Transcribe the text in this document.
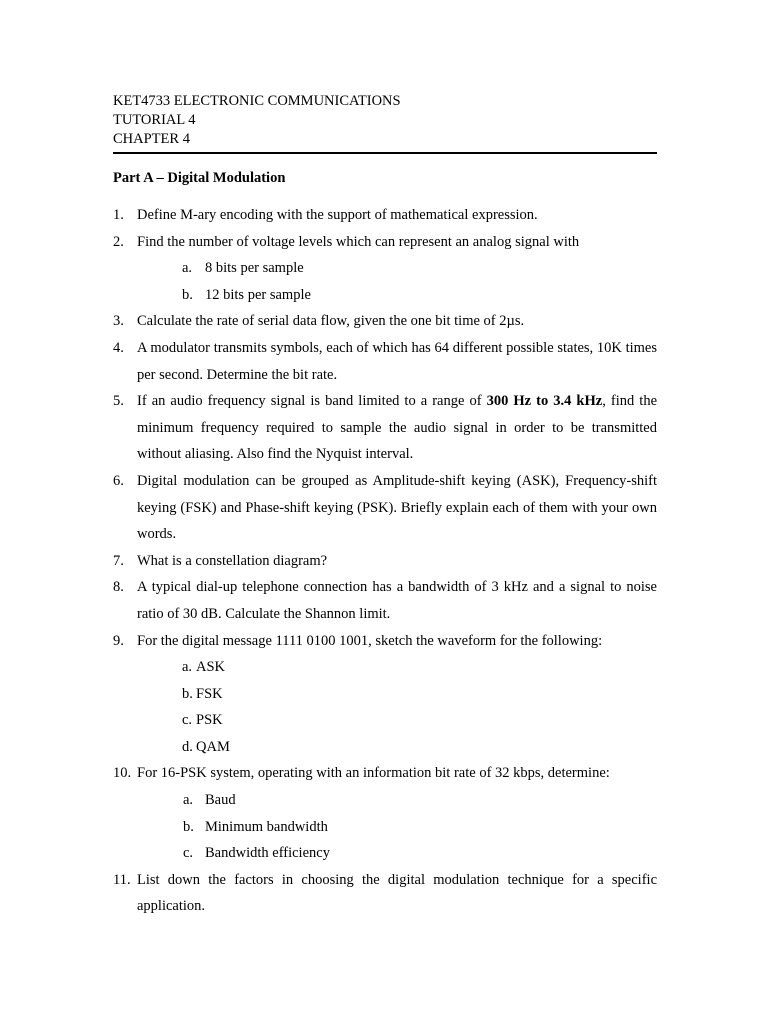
KET4733 ELECTRONIC COMMUNICATIONS
TUTORIAL 4
CHAPTER 4
Part A – Digital Modulation
1. Define M-ary encoding with the support of mathematical expression.
2. Find the number of voltage levels which can represent an analog signal with
a. 8 bits per sample
b. 12 bits per sample
3. Calculate the rate of serial data flow, given the one bit time of 2µs.
4. A modulator transmits symbols, each of which has 64 different possible states, 10K times per second. Determine the bit rate.
5. If an audio frequency signal is band limited to a range of 300 Hz to 3.4 kHz, find the minimum frequency required to sample the audio signal in order to be transmitted without aliasing. Also find the Nyquist interval.
6. Digital modulation can be grouped as Amplitude-shift keying (ASK), Frequency-shift keying (FSK) and Phase-shift keying (PSK). Briefly explain each of them with your own words.
7. What is a constellation diagram?
8. A typical dial-up telephone connection has a bandwidth of 3 kHz and a signal to noise ratio of 30 dB. Calculate the Shannon limit.
9. For the digital message 1111 0100 1001, sketch the waveform for the following:
a. ASK
b. FSK
c. PSK
d. QAM
10. For 16-PSK system, operating with an information bit rate of 32 kbps, determine:
a. Baud
b. Minimum bandwidth
c. Bandwidth efficiency
11. List down the factors in choosing the digital modulation technique for a specific application.
